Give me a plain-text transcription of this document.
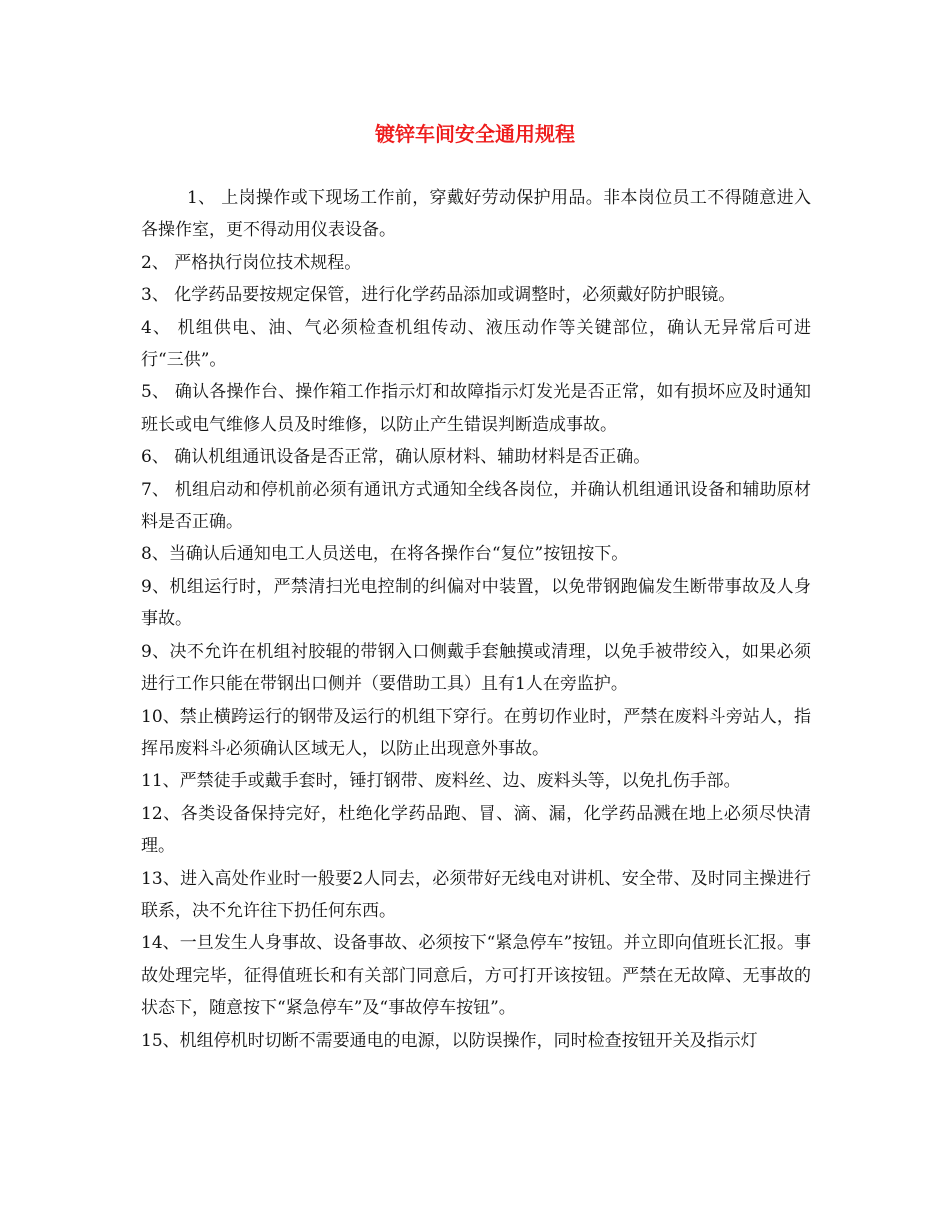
镀锌车间安全通用规程

1、 上岗操作或下现场工作前，穿戴好劳动保护用品。非本岗位员工不得随意进入各操作室，更不得动用仪表设备。

2、 严格执行岗位技术规程。

3、 化学药品要按规定保管，进行化学药品添加或调整时，必须戴好防护眼镜。

4、 机组供电、油、气必须检查机组传动、液压动作等关键部位，确认无异常后可进行“三供”。

5、 确认各操作台、操作箱工作指示灯和故障指示灯发光是否正常，如有损坏应及时通知班长或电气维修人员及时维修，以防止产生错误判断造成事故。

6、 确认机组通讯设备是否正常，确认原材料、辅助材料是否正确。

7、 机组启动和停机前必须有通讯方式通知全线各岗位，并确认机组通讯设备和辅助原材料是否正确。

8、当确认后通知电工人员送电，在将各操作台“复位”按钮按下。

9、机组运行时，严禁清扫光电控制的纠偏对中装置，以免带钢跑偏发生断带事故及人身事故。

9、决不允许在机组衬胶辊的带钢入口侧戴手套触摸或清理，以免手被带绞入，如果必须进行工作只能在带钢出口侧并（要借助工具）且有1人在旁监护。

10、禁止横跨运行的钢带及运行的机组下穿行。在剪切作业时，严禁在废料斗旁站人，指挥吊废料斗必须确认区域无人，以防止出现意外事故。

11、严禁徒手或戴手套时，锤打钢带、废料丝、边、废料头等，以免扎伤手部。

12、各类设备保持完好，杜绝化学药品跑、冒、滴、漏，化学药品溅在地上必须尽快清理。

13、进入高处作业时一般要2人同去，必须带好无线电对讲机、安全带、及时同主操进行联系，决不允许往下扔任何东西。

14、一旦发生人身事故、设备事故、必须按下“紧急停车”按钮。并立即向值班长汇报。事故处理完毕，征得值班长和有关部门同意后，方可打开该按钮。严禁在无故障、无事故的状态下，随意按下“紧急停车”及“事故停车按钮”。

15、机组停机时切断不需要通电的电源，以防误操作，同时检查按钮开关及指示灯
